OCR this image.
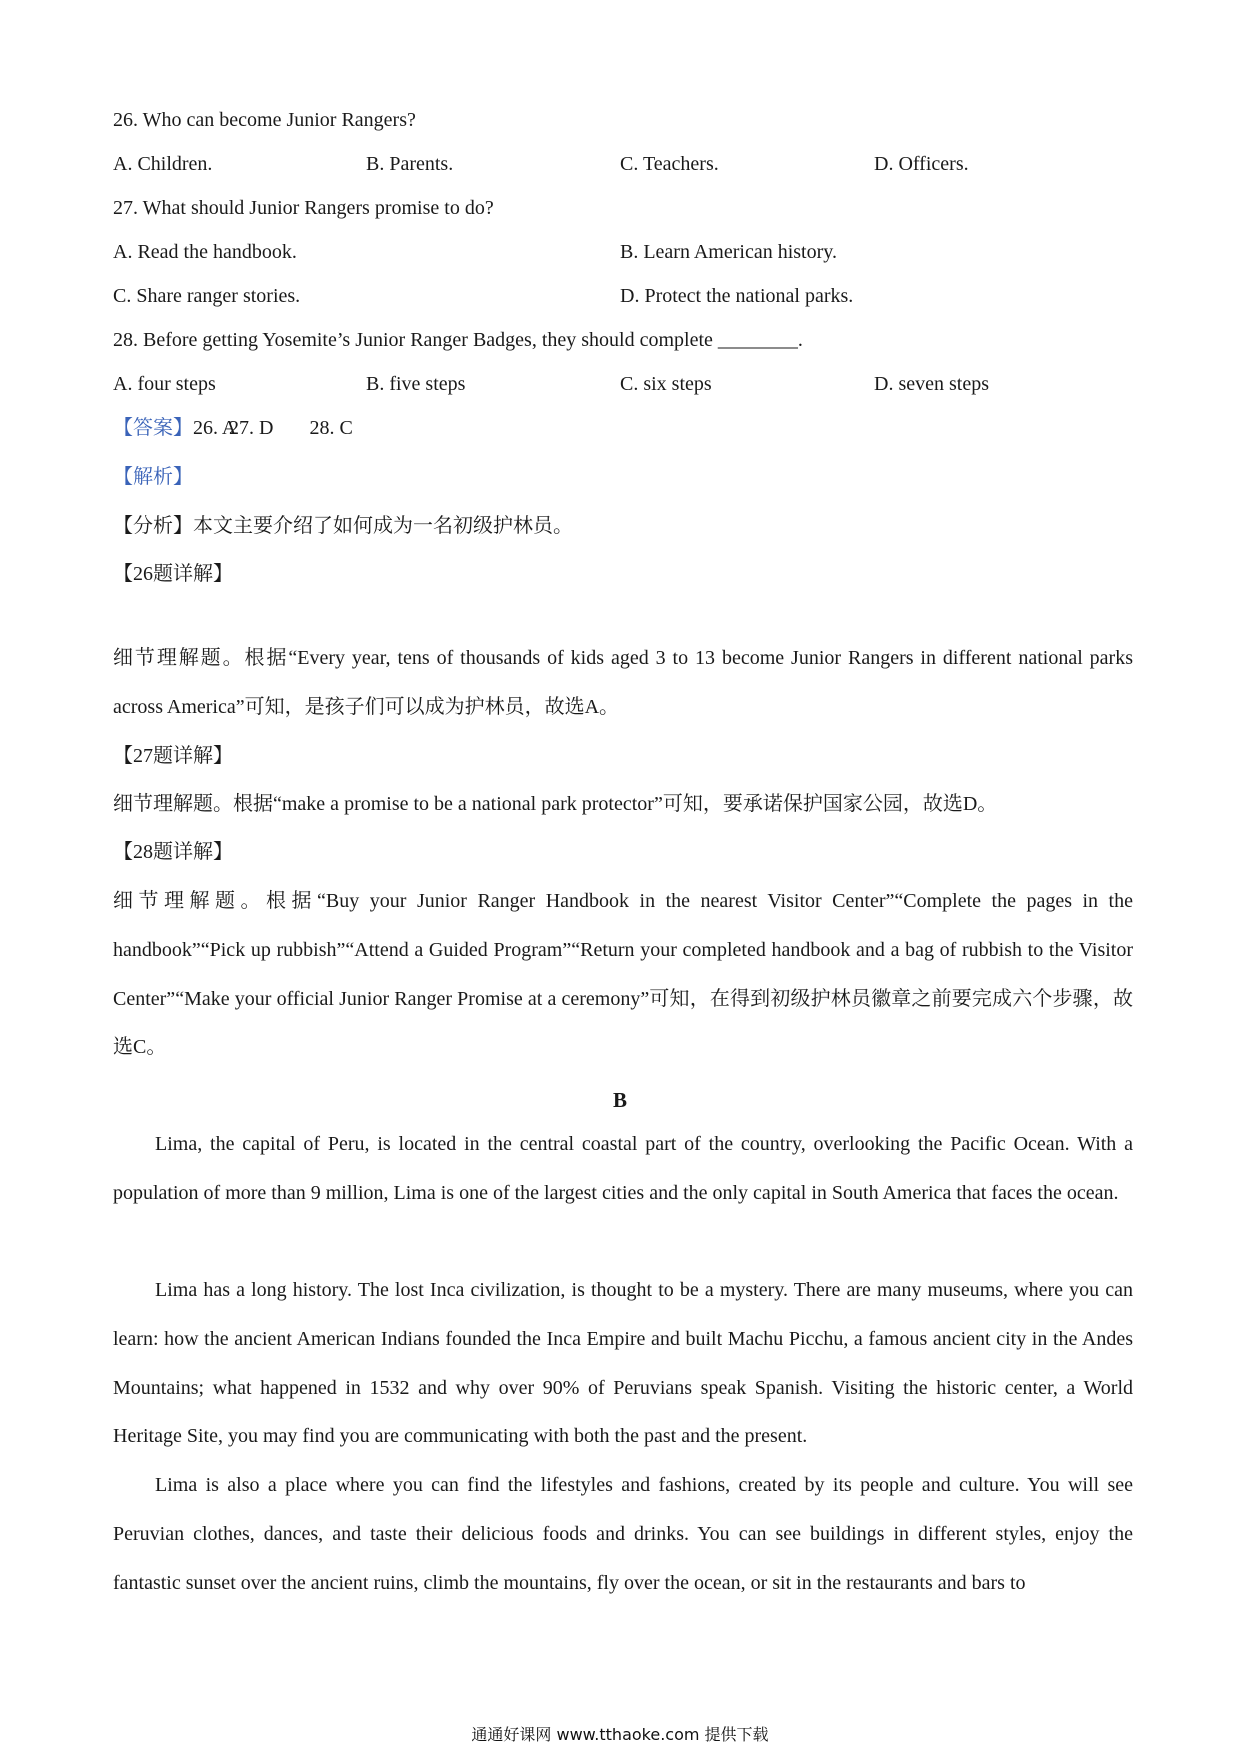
26. Who can become Junior Rangers?
A. Children.	B. Parents.	C. Teachers.	D. Officers.
27. What should Junior Rangers promise to do?
A. Read the handbook.	B. Learn American history.
C. Share ranger stories.	D. Protect the national parks.
28. Before getting Yosemite’s Junior Ranger Badges, they should complete ________.
A. four steps	B. five steps	C. six steps	D. seven steps
【答案】26. A27. D 28. C
【解析】
【分析】本文主要介绍了如何成为一名初级护林员。
【26题详解】
细节理解题。根据“Every year, tens of thousands of kids aged 3 to 13 become Junior Rangers in different national parks across America”可知，是孩子们可以成为护林员，故选A。
【27题详解】
细节理解题。根据“make a promise to be a national park protector”可知，要承诺保护国家公园，故选D。
【28题详解】
细节理解题。根据“Buy your Junior Ranger Handbook in the nearest Visitor Center”“Complete the pages in the handbook”“Pick up rubbish”“Attend a Guided Program”“Return your completed handbook and a bag of rubbish to the Visitor Center”“Make your official Junior Ranger Promise at a ceremony”可知，在得到初级护林员徽章之前要完成六个步骤，故选C。
B
Lima, the capital of Peru, is located in the central coastal part of the country, overlooking the Pacific Ocean. With a population of more than 9 million, Lima is one of the largest cities and the only capital in South America that faces the ocean.
Lima has a long history. The lost Inca civilization, is thought to be a mystery. There are many museums, where you can learn: how the ancient American Indians founded the Inca Empire and built Machu Picchu, a famous ancient city in the Andes Mountains; what happened in 1532 and why over 90% of Peruvians speak Spanish. Visiting the historic center, a World Heritage Site, you may find you are communicating with both the past and the present.
Lima is also a place where you can find the lifestyles and fashions, created by its people and culture. You will see Peruvian clothes, dances, and taste their delicious foods and drinks. You can see buildings in different styles, enjoy the fantastic sunset over the ancient ruins, climb the mountains, fly over the ocean, or sit in the restaurants and bars to
通通好课网 www.tthaoke.com 提供下载
